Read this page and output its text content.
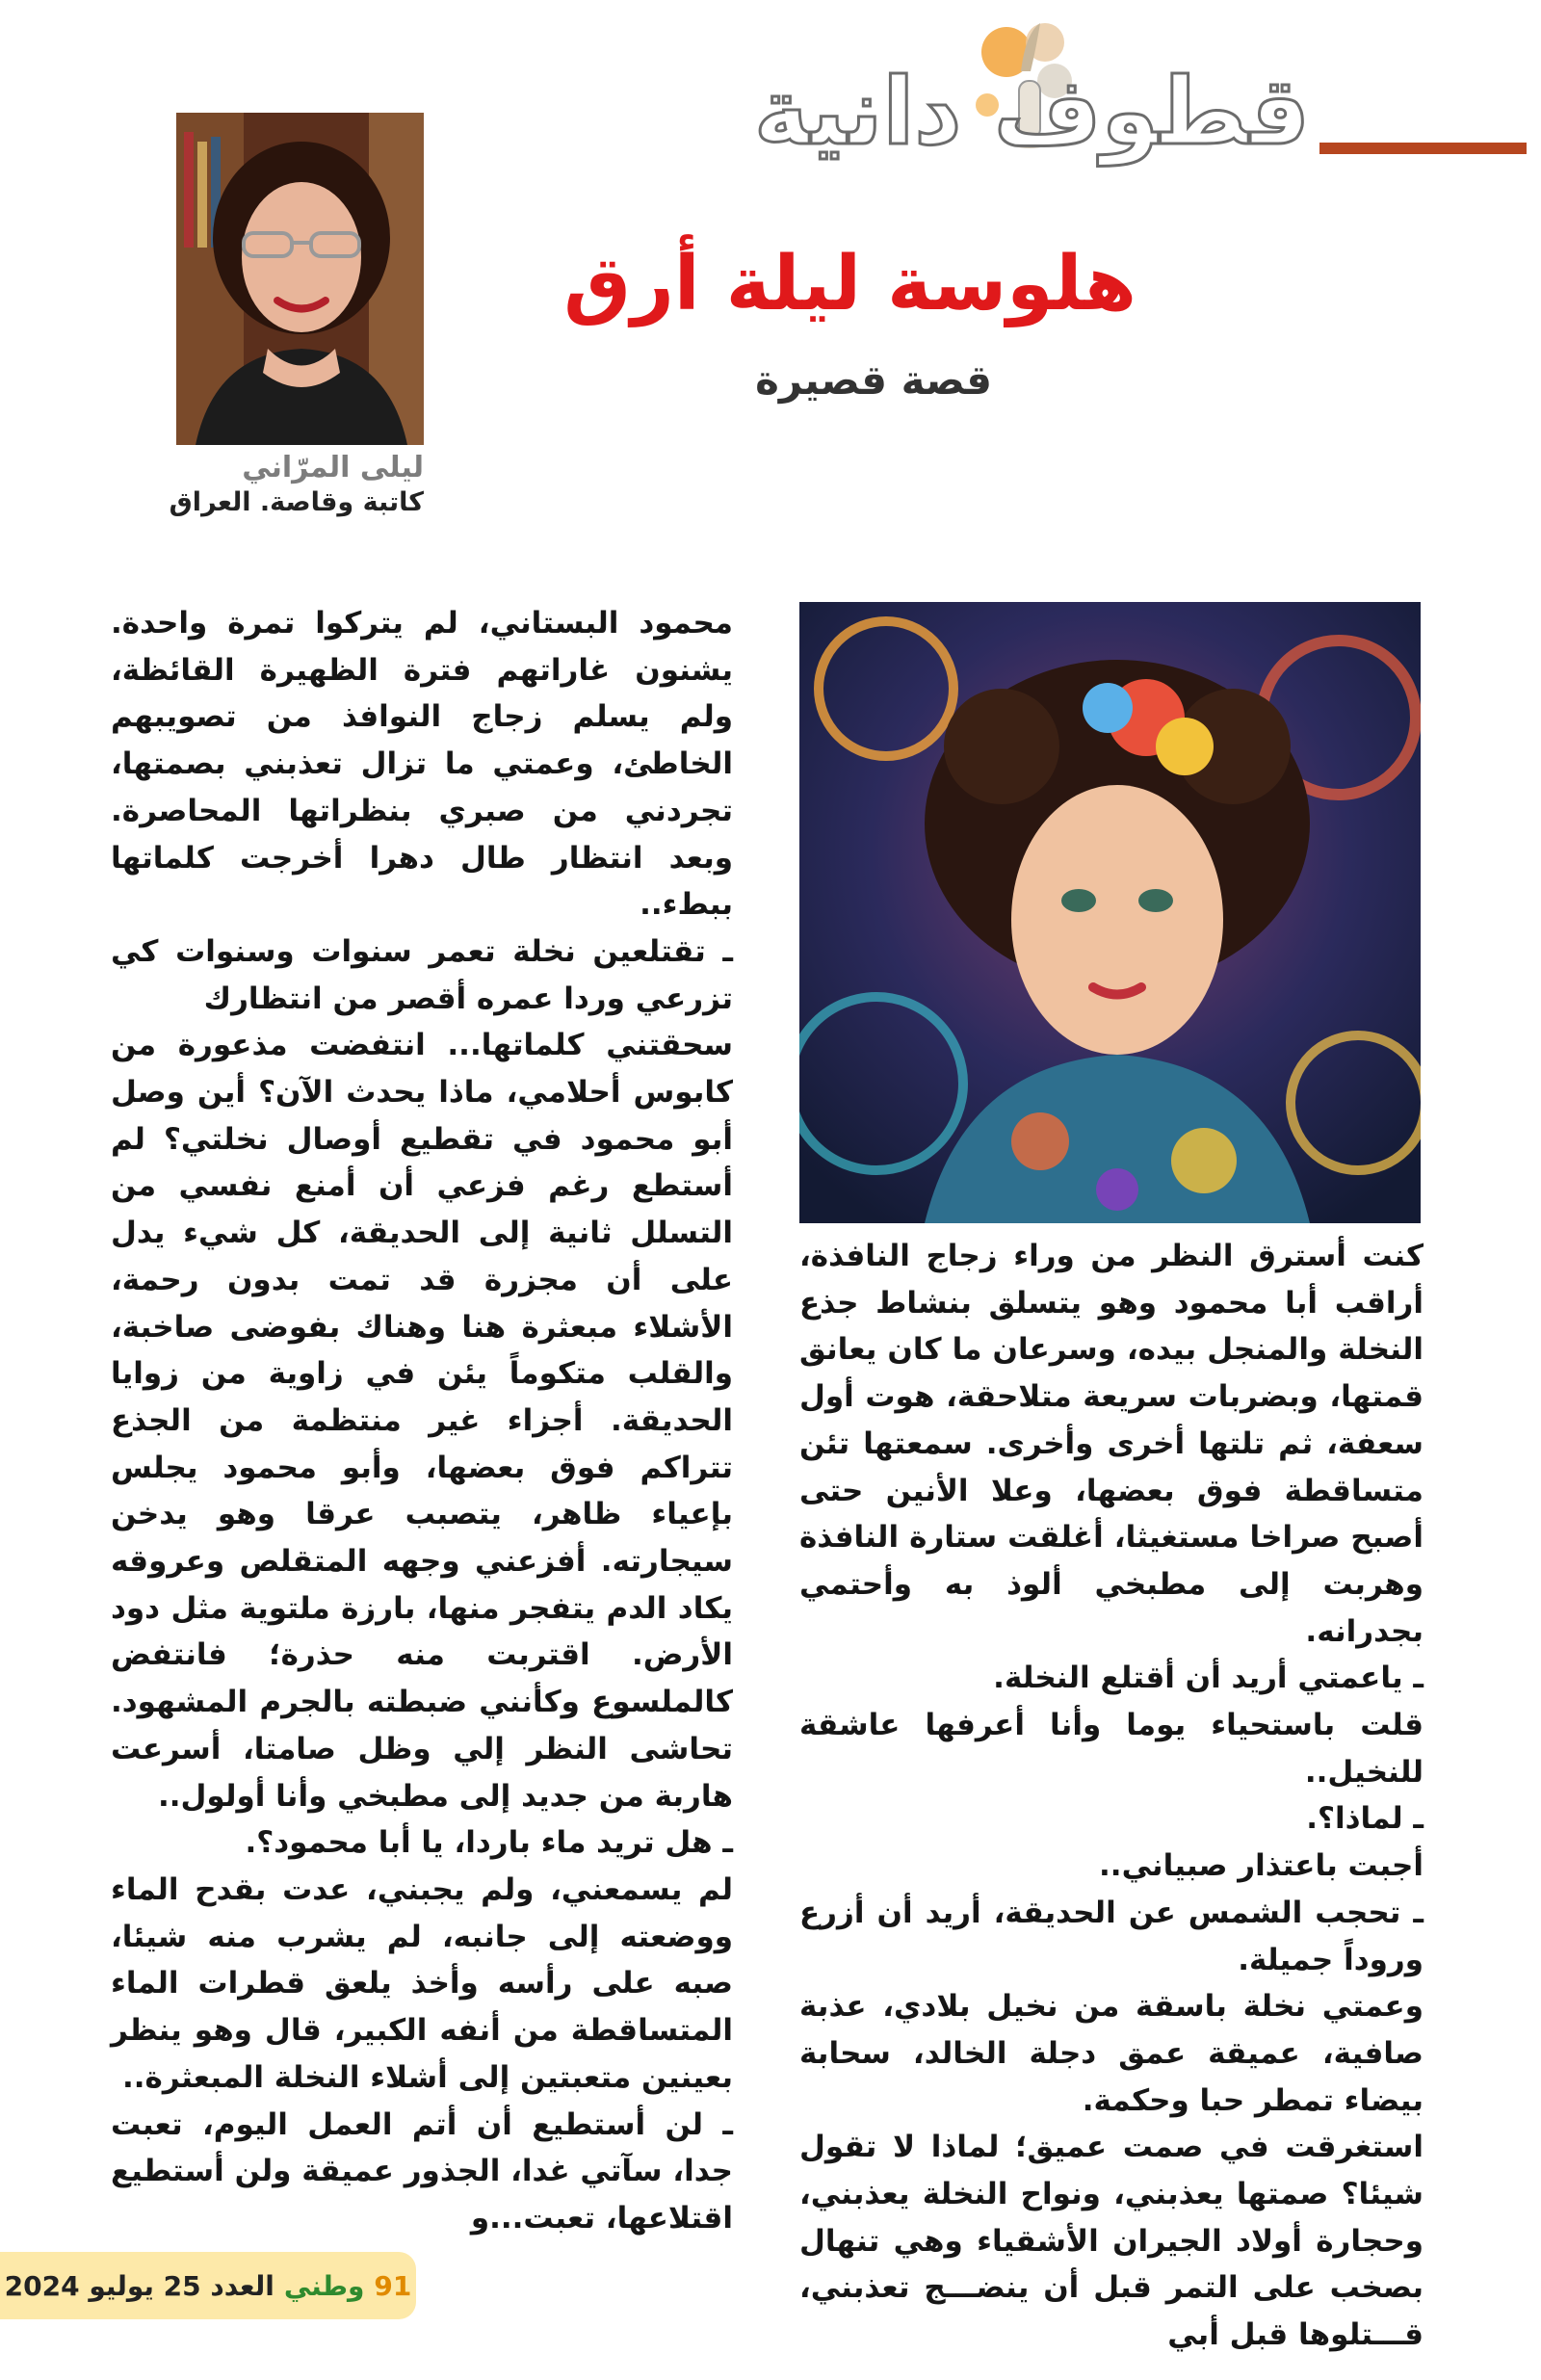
قطوف دانية
هلوسة ليلة أرق
قصة قصيرة
ليلى المرّاني
كاتبة وقاصة. العراق

كنت أسترق النظر من وراء زجاج النافذة، أراقب أبا محمود وهو يتسلق بنشاط جذع النخلة والمنجل بيده، وسرعان ما كان يعانق قمتها، وبضربات سريعة متلاحقة، هوت أول سعفة، ثم تلتها أخرى وأخرى. سمعتها تئن متساقطة فوق بعضها، وعلا الأنين حتى أصبح صراخا مستغيثا، أغلقت ستارة النافذة وهربت إلى مطبخي ألوذ به وأحتمي بجدرانه.

ـ ياعمتي أريد أن أقتلع النخلة.

قلت باستحياء يوما وأنا أعرفها عاشقة للنخيل..

ـ لماذا؟.

أجبت باعتذار صبياني..

ـ تحجب الشمس عن الحديقة، أريد أن أزرع وروداً جميلة.

وعمتي نخلة باسقة من نخيل بلادي، عذبة صافية، عميقة عمق دجلة الخالد، سحابة بيضاء تمطر حبا وحكمة.

استغرقت في صمت عميق؛ لماذا لا تقول شيئا؟ صمتها يعذبني، ونواح النخلة يعذبني، وحجارة أولاد الجيران الأشقياء وهي تنهال بصخب على التمر قبل أن ينضـــج تعذبني، قـــتلوها قبل أبي

محمود البستاني، لم يتركوا تمرة واحدة. يشنون غاراتهم فترة الظهيرة القائظة، ولم يسلم زجاج النوافذ من تصويبهم الخاطئ، وعمتي ما تزال تعذبني بصمتها، تجردني من صبري بنظراتها المحاصرة. وبعد انتظار طال دهرا أخرجت كلماتها ببطء..

ـ تقتلعين نخلة تعمر سنوات وسنوات كي تزرعي وردا عمره أقصر من انتظارك

سحقتني كلماتها... انتفضت مذعورة من كابوس أحلامي، ماذا يحدث الآن؟ أين وصل أبو محمود في تقطيع أوصال نخلتي؟ لم أستطع رغم فزعي أن أمنع نفسي من التسلل ثانية إلى الحديقة، كل شيء يدل على أن مجزرة قد تمت بدون رحمة، الأشلاء مبعثرة هنا وهناك بفوضى صاخبة، والقلب متكوماً يئن في زاوية من زوايا الحديقة. أجزاء غير منتظمة من الجذع تتراكم فوق بعضها، وأبو محمود يجلس بإعياء ظاهر، يتصبب عرقا وهو يدخن سيجارته. أفزعني وجهه المتقلص وعروقه يكاد الدم يتفجر منها، بارزة ملتوية مثل دود الأرض. اقتربت منه حذرة؛ فانتفض كالملسوع وكأنني ضبطته بالجرم المشهود. تحاشى النظر إلي وظل صامتا، أسرعت هاربة من جديد إلى مطبخي وأنا أولول..

ـ هل تريد ماء باردا، يا أبا محمود؟.

لم يسمعني، ولم يجبني، عدت بقدح الماء ووضعته إلى جانبه، لم يشرب منه شيئا، صبه على رأسه وأخذ يلعق قطرات الماء المتساقطة من أنفه الكبير، قال وهو ينظر بعينين متعبتين إلى أشلاء النخلة المبعثرة..

ـ لن أستطيع أن أتم العمل اليوم، تعبت جدا، سآتي غدا، الجذور عميقة ولن أستطيع اقتلاعها، تعبت...و

91
وطني
العدد 25 يوليو 2024
